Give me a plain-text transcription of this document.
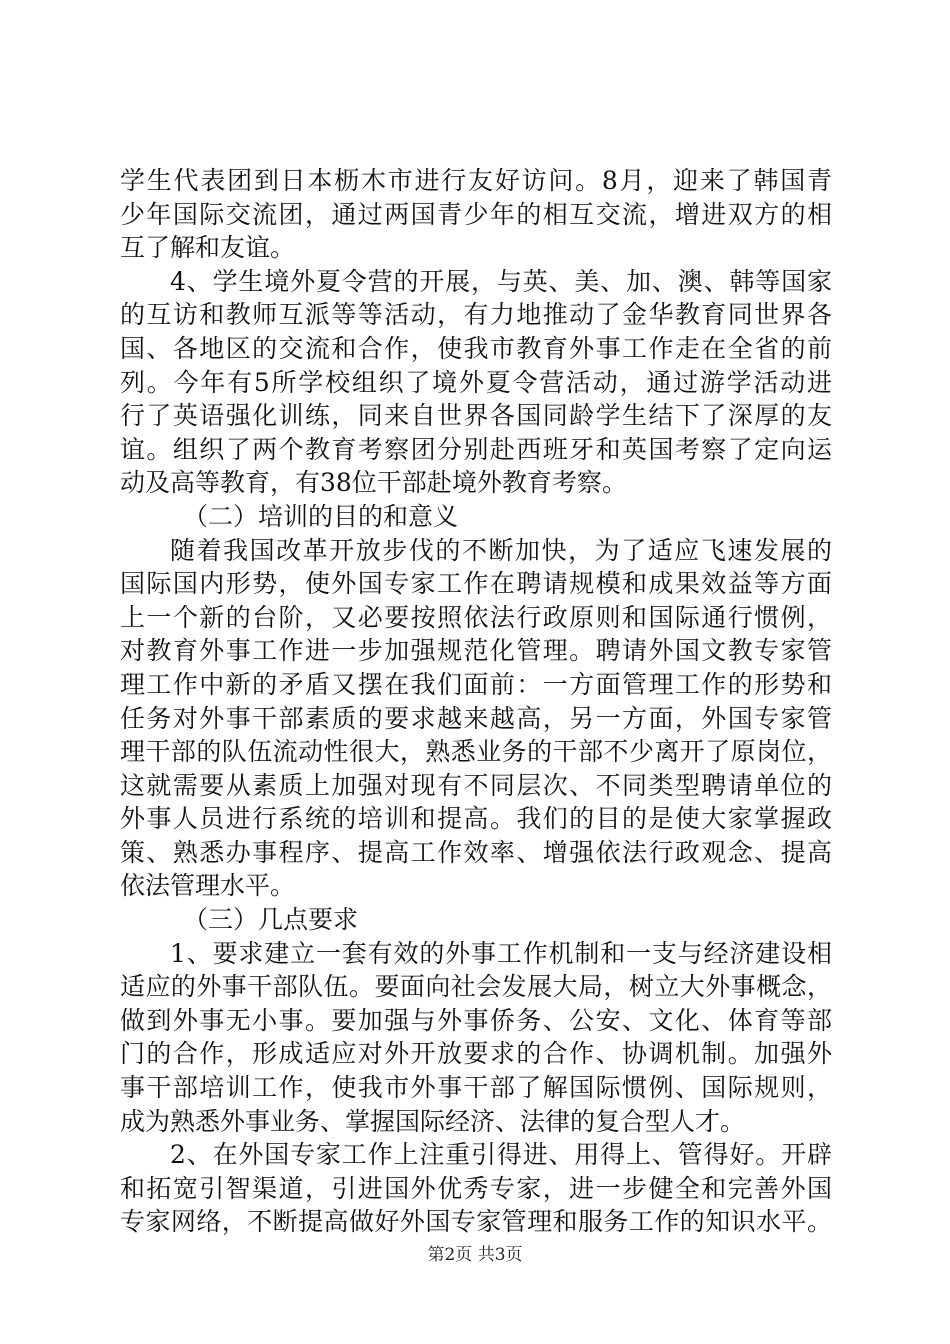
学生代表团到日本枥木市进行友好访问。8月，迎来了韩国青
少年国际交流团，通过两国青少年的相互交流，增进双方的相
互了解和友谊。
4、学生境外夏令营的开展，与英、美、加、澳、韩等国家
的互访和教师互派等等活动，有力地推动了金华教育同世界各
国、各地区的交流和合作，使我市教育外事工作走在全省的前
列。今年有5所学校组织了境外夏令营活动，通过游学活动进
行了英语强化训练，同来自世界各国同龄学生结下了深厚的友
谊。组织了两个教育考察团分别赴西班牙和英国考察了定向运
动及高等教育，有38位干部赴境外教育考察。
（二）培训的目的和意义
随着我国改革开放步伐的不断加快，为了适应飞速发展的
国际国内形势，使外国专家工作在聘请规模和成果效益等方面
上一个新的台阶，又必要按照依法行政原则和国际通行惯例，
对教育外事工作进一步加强规范化管理。聘请外国文教专家管
理工作中新的矛盾又摆在我们面前：一方面管理工作的形势和
任务对外事干部素质的要求越来越高，另一方面，外国专家管
理干部的队伍流动性很大，熟悉业务的干部不少离开了原岗位，
这就需要从素质上加强对现有不同层次、不同类型聘请单位的
外事人员进行系统的培训和提高。我们的目的是使大家掌握政
策、熟悉办事程序、提高工作效率、增强依法行政观念、提高
依法管理水平。
（三）几点要求
1、要求建立一套有效的外事工作机制和一支与经济建设相
适应的外事干部队伍。要面向社会发展大局，树立大外事概念，
做到外事无小事。要加强与外事侨务、公安、文化、体育等部
门的合作，形成适应对外开放要求的合作、协调机制。加强外
事干部培训工作，使我市外事干部了解国际惯例、国际规则，
成为熟悉外事业务、掌握国际经济、法律的复合型人才。
2、在外国专家工作上注重引得进、用得上、管得好。开辟
和拓宽引智渠道，引进国外优秀专家，进一步健全和完善外国
专家网络，不断提高做好外国专家管理和服务工作的知识水平。
第2页 共3页
